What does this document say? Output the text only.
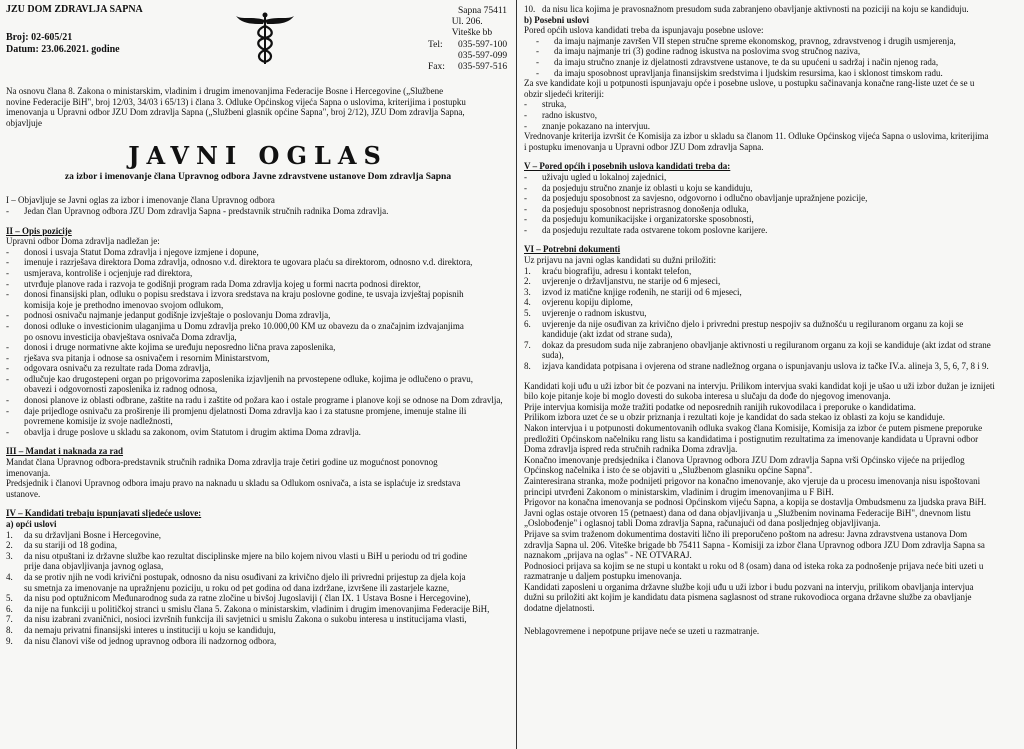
JZU DOM ZDRAVLJA SAPNA
Broj: 02-605/21
Datum: 23.06.2021. godine
Sapna 75411
Ul. 206. Viteške bb
Tel:	035-597-100
035-597-099
Fax:	035-597-516
Na osnovu člana 8. Zakona o ministarskim, vladinim i drugim imenovanjima Federacije Bosne i Hercegovine („Službene
novine Federacije BiH", broj 12/03, 34/03 i 65/13) i člana 3. Odluke Općinskog vijeća Sapna o uslovima, kriterijima i postupku
imenovanja u Upravni odbor JZU Dom zdravlja Sapna („Službeni glasnik općine Sapna", broj 2/12), JZU Dom zdravlja Sapna,
objavljuje
JAVNI OGLAS
za izbor i imenovanje člana Upravnog odbora Javne zdravstvene ustanove Dom zdravlja Sapna
I – Objavljuje se Javni oglas za izbor i imenovanje člana Upravnog odbora
-	Jedan član Upravnog odbora JZU Dom zdravlja Sapna - predstavnik stručnih radnika Doma zdravlja.
II – Opis pozicije
Upravni odbor Doma zdravlja nadležan je:
-	donosi i usvaja Statut Doma zdravlja i njegove izmjene i dopune,
-	imenuje i razrješava direktora Doma zdravlja, odnosno v.d. direktora te ugovara plaću sa direktorom, odnosno v.d. direktora,
-	usmjerava, kontroliše i ocjenjuje rad direktora,
-	utvrđuje planove rada i razvoja te godišnji program rada Doma zdravlja kojeg u formi nacrta podnosi direktor,
-	donosi finansijski plan, odluku o popisu sredstava i izvora sredstava na kraju poslovne godine, te usvaja izvještaj popisnih
komisija koje je prethodno imenovao svojom odlukom,
-	podnosi osnivaču najmanje jedanput godišnje izvještaje o poslovanju Doma zdravlja,
-	donosi odluke o investicionim ulaganjima u Domu zdravlja preko 10.000,00 KM uz obavezu da o značajnim izdvajanjima
po osnovu investicija obavještava osnivača Doma zdravlja,
-	donosi i druge normativne akte kojima se uređuju neposredno lična prava zaposlenika,
-	rješava sva pitanja i odnose sa osnivačem i resornim Ministarstvom,
-	odgovara osnivaču za rezultate rada Doma zdravlja,
-	odlučuje kao drugostepeni organ po prigovorima zaposlenika izjavljenih na prvostepene odluke, kojima je odlučeno o pravu,
obavezi i odgovornosti zaposlenika iz radnog odnosa,
-	donosi planove iz oblasti odbrane, zaštite na radu i zaštite od požara kao i ostale programe i planove koji se odnose na Dom zdravlja,
-	daje prijedloge osnivaču za proširenje ili promjenu djelatnosti Doma zdravlja kao i za statusne promjene, imenuje stalne ili
povremene komisije iz svoje nadležnosti,
-	obavlja i druge poslove u skladu sa zakonom, ovim Statutom i drugim aktima Doma zdravlja.
III – Mandat i naknada za rad
Mandat člana Upravnog odbora-predstavnik stručnih radnika Doma zdravlja traje četiri godine uz mogućnost ponovnog
imenovanja.
Predsjednik i članovi Upravnog odbora imaju pravo na naknadu u skladu sa Odlukom osnivača, a ista se isplaćuje iz sredstava
ustanove.
IV – Kandidati trebaju ispunjavati sljedeće uslove:
a) opći uslovi
1.	da su državljani Bosne i Hercegovine,
2.	da su stariji od 18 godina,
3.	da nisu otpuštani iz državne službe kao rezultat disciplinske mjere na bilo kojem nivou vlasti u BiH u periodu od tri godine
prije dana objavljivanja javnog oglasa,
4.	da se protiv njih ne vodi krivični postupak, odnosno da nisu osuđivani za krivično djelo ili privredni prijestup za djela koja
su smetnja za imenovanje na upražnjenu poziciju, u roku od pet godina od dana izdržane, izvršene ili zastarjele kazne,
5.	da nisu pod optužnicom Međunarodnog suda za ratne zločine u bivšoj Jugoslaviji ( član IX. 1 Ustava Bosne i Hercegovine),
6.	da nije na funkciji u političkoj stranci u smislu člana 5. Zakona o ministarskim, vladinim i drugim imenovanjima Federacije BiH,
7.	da nisu izabrani zvaničnici, nosioci izvršnih funkcija ili savjetnici u smislu Zakona o sukobu interesa u institucijama vlasti,
8.	da nemaju privatni finansijski interes u instituciji u koju se kandiduju,
9.	da nisu članovi više od jednog upravnog odbora ili nadzornog odbora,
10. da nisu lica kojima je pravosnažnom presudom suda zabranjeno obavljanje aktivnosti na poziciji na koju se kandiduju.
b) Posebni uslovi
Pored općih uslova kandidati treba da ispunjavaju posebne uslove:
-	da imaju najmanje završen VII stepen stručne spreme ekonomskog, pravnog, zdravstvenog i drugih usmjerenja,
-	da imaju najmanje tri (3) godine radnog iskustva na poslovima svog stručnog naziva,
-	da imaju stručno znanje iz djelatnosti zdravstvene ustanove, te da su upućeni u sadržaj i način njenog rada,
-	da imaju sposobnost upravljanja finansijskim sredstvima i ljudskim resursima, kao i sklonost timskom radu.
Za sve kandidate koji u potpunosti ispunjavaju opće i posebne uslove, u postupku sačinavanja konačne rang-liste uzet će se u
obzir sljedeći kriteriji:
-	struka,
-	radno iskustvo,
-	znanje pokazano na intervjuu.
Vrednovanje kriterija izvršit će Komisija za izbor u skladu sa članom 11. Odluke Općinskog vijeća Sapna o uslovima, kriterijima
i postupku imenovanja u Upravni odbor JZU Dom zdravlja Sapna.
V – Pored općih i posebnih uslova kandidati treba da:
-	uživaju ugled u lokalnoj zajednici,
-	da posjeduju stručno znanje iz oblasti u koju se kandiduju,
-	da posjeduju sposobnost za savjesno, odgovorno i odlučno obavljanje upražnjene pozicije,
-	da posjeduju sposobnost nepristrasnog donošenja odluka,
-	da posjeduju komunikacijske i organizatorske sposobnosti,
-	da posjeduju rezultate rada ostvarene tokom poslovne karijere.
VI – Potrebni dokumenti
Uz prijavu na javni oglas kandidati su dužni priložiti:
1.	kraću biografiju, adresu i kontakt telefon,
2.	uvjerenje o državljanstvu, ne starije od 6 mjeseci,
3.	izvod iz matične knjige rođenih, ne stariji od 6 mjeseci,
4.	ovjerenu kopiju diplome,
5.	uvjerenje o radnom iskustvu,
6.	uvjerenje da nije osuđivan za krivično djelo i privredni prestup nespojiv sa dužnošću u regiluranom organu za koji se
kandiduje (akt izdat od strane suda),
7.	dokaz da presudom suda nije zabranjeno obavljanje aktivnosti u regiluranom organu za koji se kandiduje (akt izdat od strane
suda),
8.	izjava kandidata potpisana i ovjerena od strane nadležnog organa o ispunjavanju uslova iz tačke IV.a. alineja 3, 5, 6, 7, 8 i 9.
Kandidati koji uđu u uži izbor bit će pozvani na intervju. Prilikom intervjua svaki kandidat koji je ušao u uži izbor dužan je iznijeti
bilo koje pitanje koje bi moglo dovesti do sukoba interesa u slučaju da dođe do njegovog imenovanja.
Prije intervjua komisija može tražiti podatke od neposrednih ranijih rukovodilaca i preporuke o kandidatima.
Prilikom izbora uzet će se u obzir priznanja i rezultati koje je kandidat do sada stekao iz oblasti za koju se kandiduje.
Nakon intervjua i u potpunosti dokumentovanih odluka svakog člana Komisije, Komisija za izbor će putem pismene preporuke
predložiti Općinskom načelniku rang listu sa kandidatima i postignutim rezultatima za imenovanje kandidata u Upravni odbor
Doma zdravlja ispred reda stručnih radnika Doma zdravlja.
Konačno imenovanje predsjednika i članova Upravnog odbora JZU Dom zdravlja Sapna vrši Općinsko vijeće na prijedlog
Općinskog načelnika i isto će se objaviti u „Službenom glasniku općine Sapna".
Zainteresirana stranka, može podnijeti prigovor na konačno imenovanje, ako vjeruje da u procesu imenovanja nisu ispoštovani
principi utvrđeni Zakonom o ministarskim, vladinim i drugim imenovanjima u F BiH.
Prigovor na konačna imenovanja se podnosi Općinskom vijeću Sapna, a kopija se dostavlja Ombudsmenu za ljudska prava BiH.
Javni oglas ostaje otvoren 15 (petnaest) dana od dana objavljivanja u „Službenim novinama Federacije BiH", dnevnom listu
„Oslobođenje" i oglasnoj tabli Doma zdravlja Sapna, računajući od dana posljednjeg objavljivanja.
Prijave sa svim traženom dokumentima dostaviti lično ili preporučeno poštom na adresu: Javna zdravstvena ustanova Dom
zdravlja Sapna ul. 206. Viteške brigade bb 75411 Sapna - Komisiji za izbor člana Upravnog odbora JZU Dom zdravlja Sapna sa
naznakom „prijava na oglas" - NE OTVARAJ.
Podnosioci prijava sa kojim se ne stupi u kontakt u roku od 8 (osam) dana od isteka roka za podnošenje prijava neće biti uzeti u
razmatranje u daljem postupku imenovanja.
Kandidati zaposleni u organima državne službe koji uđu u uži izbor i budu pozvani na intervju, prilikom obavljanja intervjua
dužni su priložiti akt kojim je kandidatu data pismena saglasnost od strane rukovodioca organa državne službe za obavljanje
dodatne djelatnosti.
Neblagovremene i nepotpune prijave neće se uzeti u razmatranje.
